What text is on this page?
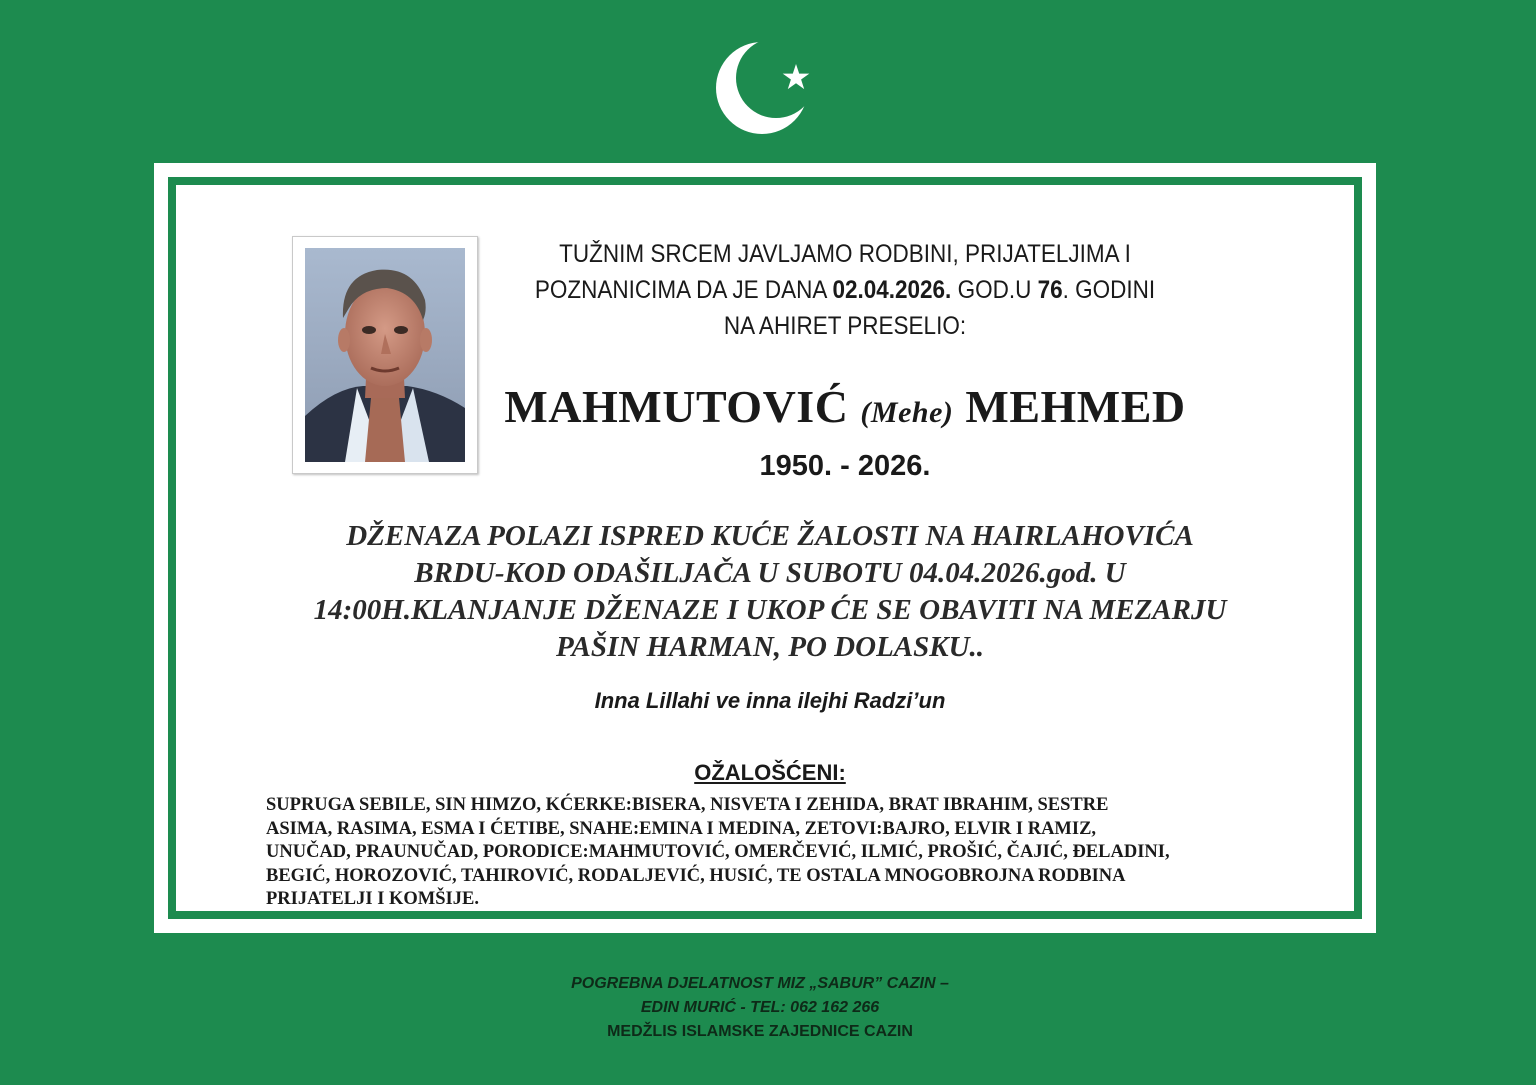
TUŽNIM SRCEM JAVLJAMO RODBINI, PRIJATELJIMA I
POZNANICIMA DA JE DANA 02.04.2026. GOD.U 76. GODINI
NA AHIRET PRESELIO:
MAHMUTOVIĆ (Mehe) MEHMED
1950. - 2026.
DŽENAZA POLAZI ISPRED KUĆE ŽALOSTI NA HAIRLAHOVIĆA
BRDU-KOD ODAŠILJAČA U SUBOTU 04.04.2026.god. U
14:00H.KLANJANJE DŽENAZE I UKOP ĆE SE OBAVITI NA MEZARJU
PAŠIN HARMAN, PO DOLASKU..
Inna Lillahi ve inna ilejhi Radzi’un
OŽALOŠĆENI:
SUPRUGA SEBILE, SIN HIMZO, KĆERKE:BISERA, NISVETA I ZEHIDA, BRAT IBRAHIM, SESTRE
ASIMA, RASIMA, ESMA I ĆETIBE, SNAHE:EMINA I MEDINA, ZETOVI:BAJRO, ELVIR I RAMIZ,
UNUČAD, PRAUNUČAD, PORODICE:MAHMUTOVIĆ, OMERČEVIĆ, ILMIĆ, PROŠIĆ, ČAJIĆ, ĐELADINI,
BEGIĆ, HOROZOVIĆ, TAHIROVIĆ, RODALJEVIĆ, HUSIĆ, TE OSTALA MNOGOBROJNA RODBINA
PRIJATELJI I KOMŠIJE.
POGREBNA DJELATNOST MIZ „SABUR” CAZIN –
EDIN MURIĆ - TEL: 062 162 266
MEDŽLIS ISLAMSKE ZAJEDNICE CAZIN
